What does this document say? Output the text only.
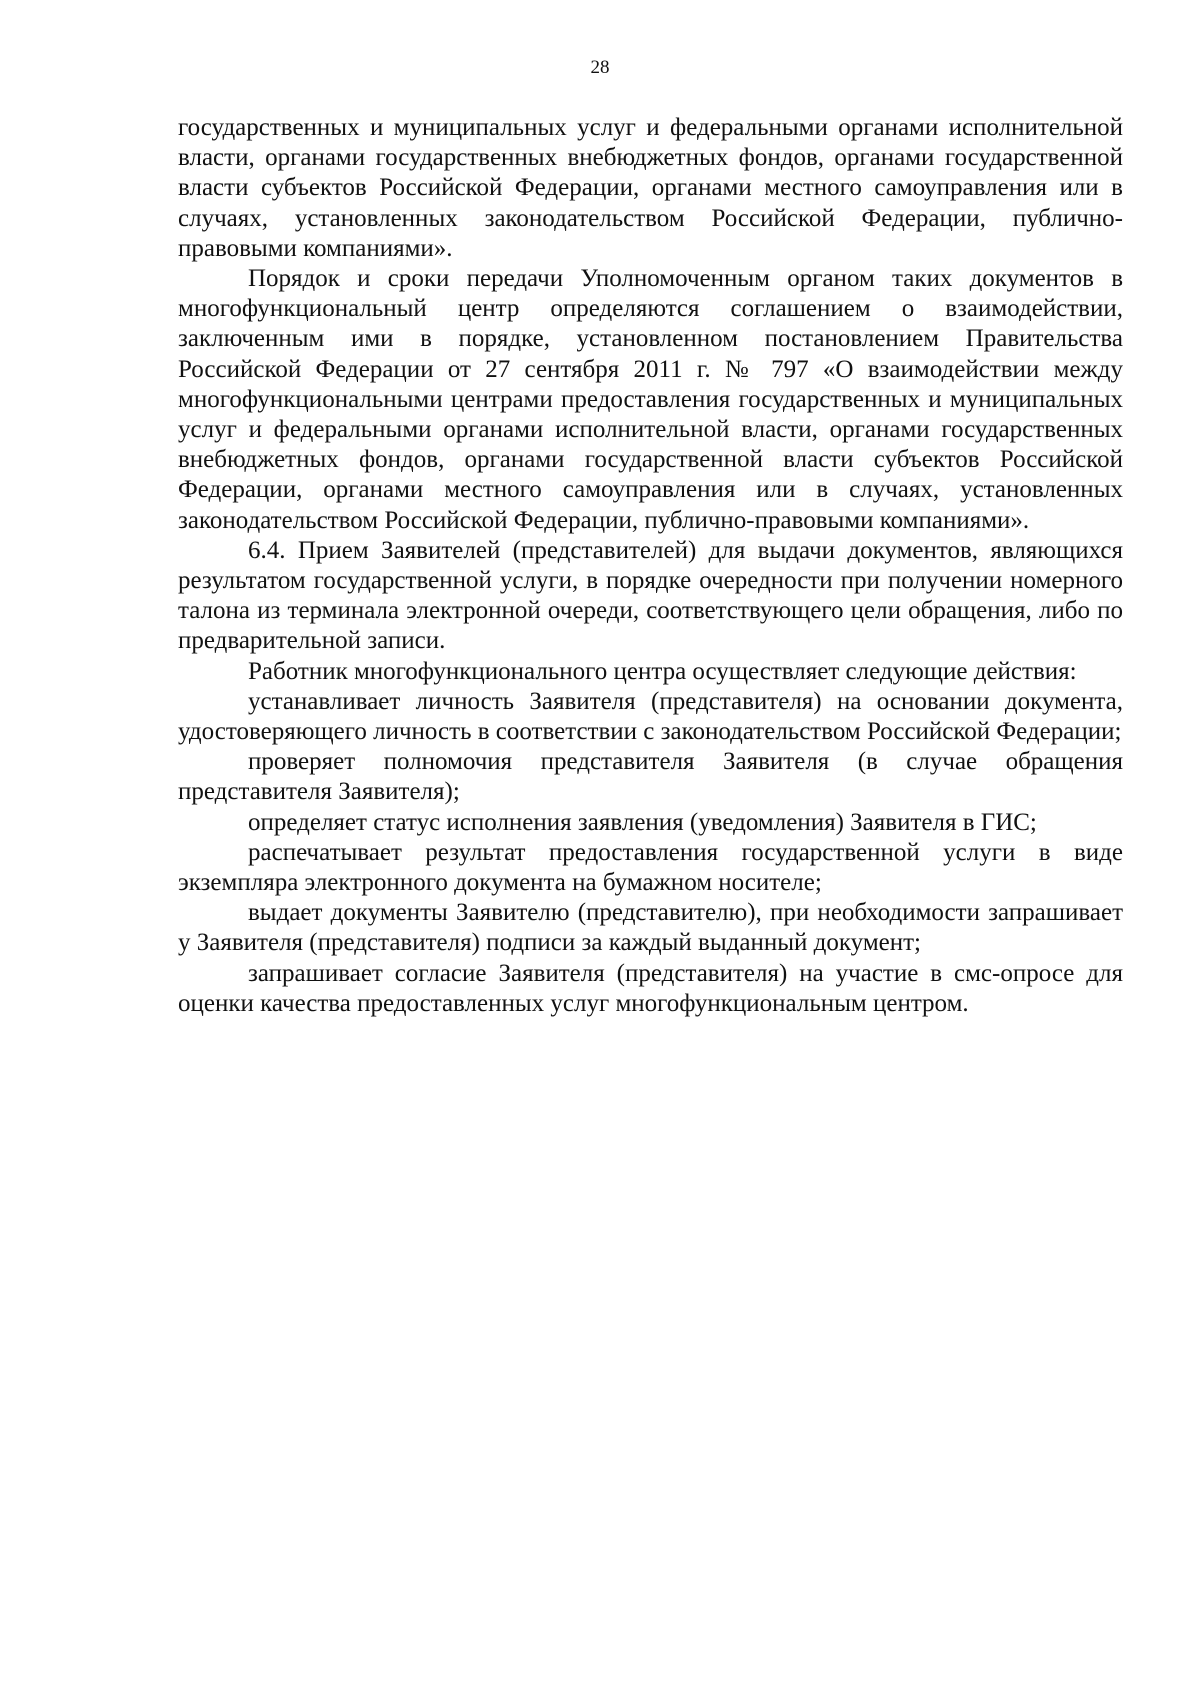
28

государственных и муниципальных услуг и федеральными органами исполнительной власти, органами государственных внебюджетных фондов, органами государственной власти субъектов Российской Федерации, органами местного самоуправления или в случаях, установленных законодательством Российской Федерации, публично-правовыми компаниями».

Порядок и сроки передачи Уполномоченным органом таких документов в многофункциональный центр определяются соглашением о взаимодействии, заключенным ими в порядке, установленном постановлением Правительства Российской Федерации от 27 сентября 2011 г. № 797 «О взаимодействии между многофункциональными центрами предоставления государственных и муниципальных услуг и федеральными органами исполнительной власти, органами государственных внебюджетных фондов, органами государственной власти субъектов Российской Федерации, органами местного самоуправления или в случаях, установленных законодательством Российской Федерации, публично-правовыми компаниями».

6.4. Прием Заявителей (представителей) для выдачи документов, являющихся результатом государственной услуги, в порядке очередности при получении номерного талона из терминала электронной очереди, соответствующего цели обращения, либо по предварительной записи.

Работник многофункционального центра осуществляет следующие действия:

устанавливает личность Заявителя (представителя) на основании документа, удостоверяющего личность в соответствии с законодательством Российской Федерации;

проверяет полномочия представителя Заявителя (в случае обращения представителя Заявителя);

определяет статус исполнения заявления (уведомления) Заявителя в ГИС;

распечатывает результат предоставления государственной услуги в виде экземпляра электронного документа на бумажном носителе;

выдает документы Заявителю (представителю), при необходимости запрашивает у Заявителя (представителя) подписи за каждый выданный документ;

запрашивает согласие Заявителя (представителя) на участие в смс-опросе для оценки качества предоставленных услуг многофункциональным центром.
